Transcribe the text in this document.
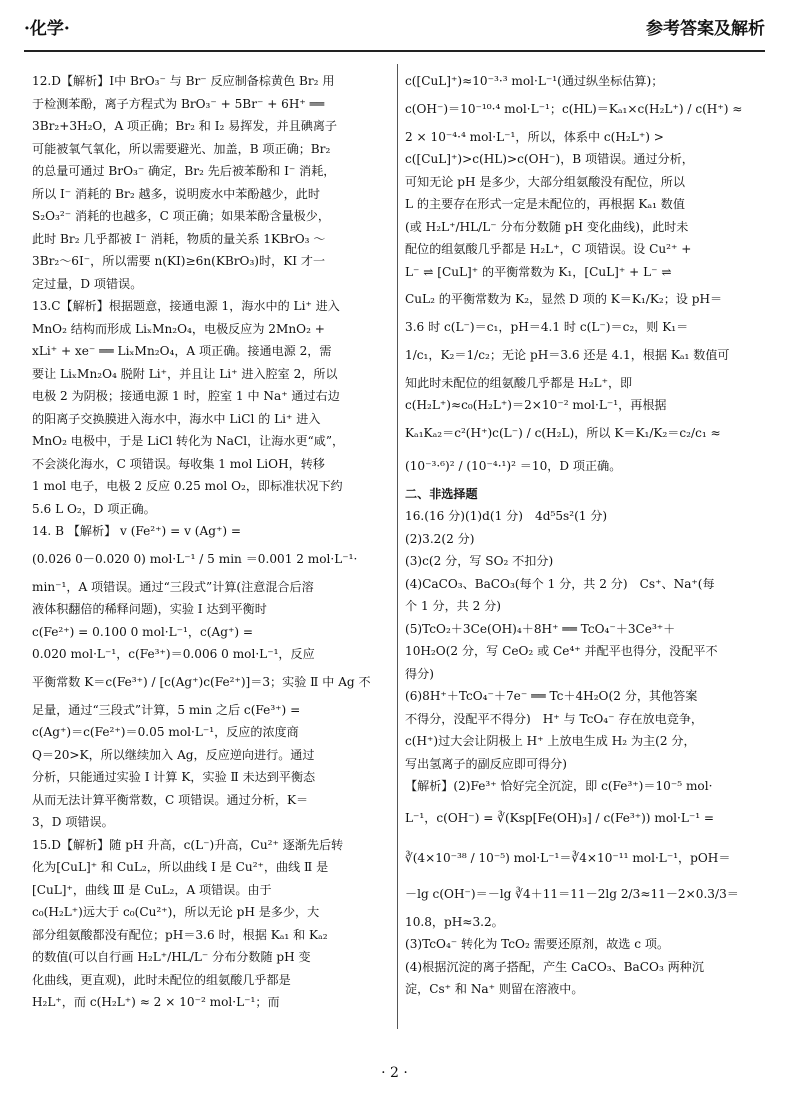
·化学·	参考答案及解析
12.D【解析】Ⅰ中 BrO₃⁻ 与 Br⁻ 反应制备棕黄色 Br₂ 用
于检测苯酚，离子方程式为 BrO₃⁻ + 5Br⁻ + 6H⁺ ══
3Br₂+3H₂O，A 项正确；Br₂ 和 I₂ 易挥发，并且碘离子
可能被氧气氧化，所以需要避光、加盖，B 项正确；Br₂
的总量可通过 BrO₃⁻ 确定，Br₂ 先后被苯酚和 I⁻ 消耗，
所以 I⁻ 消耗的 Br₂ 越多，说明废水中苯酚越少，此时
S₂O₃²⁻ 消耗的也越多，C 项正确；如果苯酚含量极少，
此时 Br₂ 几乎都被 I⁻ 消耗，物质的量关系 1KBrO₃ ～
3Br₂～6I⁻，所以需要 n(KI)≥6n(KBrO₃)时，KI 才一
定过量，D 项错误。
13.C【解析】根据题意，接通电源 1，海水中的 Li⁺ 进入
MnO₂ 结构而形成 LiₓMn₂O₄，电极反应为 2MnO₂ +
xLi⁺ + xe⁻ ══ LiₓMn₂O₄，A 项正确。接通电源 2，需
要让 LiₓMn₂O₄ 脱附 Li⁺，并且让 Li⁺ 进入腔室 2，所以
电极 2 为阴极；接通电源 1 时，腔室 1 中 Na⁺ 通过右边
的阳离子交换膜进入海水中，海水中 LiCl 的 Li⁺ 进入
MnO₂ 电极中，于是 LiCl 转化为 NaCl，让海水更“咸”，
不会淡化海水，C 项错误。每收集 1 mol LiOH，转移
1 mol 电子，电极 2 反应 0.25 mol O₂，即标准状况下约
5.6 L O₂，D 项正确。
14. B 【解析】 v (Fe²⁺) = v (Ag⁺) =
(0.026 0－0.020 0) mol·L⁻¹ / 5 min ＝0.001 2 mol·L⁻¹·
min⁻¹，A 项错误。通过“三段式”计算(注意混合后溶
液体积翻倍的稀释问题)，实验 Ⅰ 达到平衡时
c(Fe²⁺) = 0.100 0 mol·L⁻¹，c(Ag⁺) =
0.020 mol·L⁻¹，c(Fe³⁺)＝0.006 0 mol·L⁻¹，反应
平衡常数 K＝c(Fe³⁺) / [c(Ag⁺)c(Fe²⁺)]＝3；实验 Ⅱ 中 Ag 不
足量，通过“三段式”计算，5 min 之后 c(Fe³⁺) =
c(Ag⁺)＝c(Fe²⁺)＝0.05 mol·L⁻¹，反应的浓度商
Q＝20>K，所以继续加入 Ag，反应逆向进行。通过
分析，只能通过实验 Ⅰ 计算 K，实验 Ⅱ 未达到平衡态
从而无法计算平衡常数，C 项错误。通过分析，K＝
3，D 项错误。
15.D【解析】随 pH 升高，c(L⁻)升高，Cu²⁺ 逐渐先后转
化为[CuL]⁺ 和 CuL₂，所以曲线 Ⅰ 是 Cu²⁺，曲线 Ⅱ 是
[CuL]⁺，曲线 Ⅲ 是 CuL₂，A 项错误。由于
c₀(H₂L⁺)远大于 c₀(Cu²⁺)，所以无论 pH 是多少，大
部分组氨酸都没有配位；pH＝3.6 时，根据 Kₐ₁ 和 Kₐ₂
的数值(可以自行画 H₂L⁺/HL/L⁻ 分布分数随 pH 变
化曲线，更直观)，此时未配位的组氨酸几乎都是
H₂L⁺，而 c(H₂L⁺) ≈ 2 × 10⁻² mol·L⁻¹；而
c([CuL]⁺)≈10⁻³·³ mol·L⁻¹(通过纵坐标估算)；
c(OH⁻)＝10⁻¹⁰·⁴ mol·L⁻¹；c(HL)＝Kₐ₁×c(H₂L⁺) / c(H⁺) ≈
2 × 10⁻⁴·⁴ mol·L⁻¹，所以，体系中 c(H₂L⁺) >
c([CuL]⁺)>c(HL)>c(OH⁻)，B 项错误。通过分析，
可知无论 pH 是多少，大部分组氨酸没有配位，所以
L 的主要存在形式一定是未配位的，再根据 Kₐ₁ 数值
(或 H₂L⁺/HL/L⁻ 分布分数随 pH 变化曲线)，此时未
配位的组氨酸几乎都是 H₂L⁺，C 项错误。设 Cu²⁺ +
L⁻ ⇌ [CuL]⁺ 的平衡常数为 K₁，[CuL]⁺ + L⁻ ⇌
CuL₂ 的平衡常数为 K₂，显然 D 项的 K＝K₁/K₂；设 pH＝
3.6 时 c(L⁻)＝c₁，pH＝4.1 时 c(L⁻)＝c₂，则 K₁＝
1/c₁，K₂＝1/c₂；无论 pH＝3.6 还是 4.1，根据 Kₐ₁ 数值可
知此时未配位的组氨酸几乎都是 H₂L⁺，即
c(H₂L⁺)≈c₀(H₂L⁺)＝2×10⁻² mol·L⁻¹，再根据
Kₐ₁Kₐ₂＝c²(H⁺)c(L⁻) / c(H₂L)，所以 K＝K₁/K₂＝c₂/c₁ ≈
(10⁻³·⁶)² / (10⁻⁴·¹)² ＝10，D 项正确。
二、非选择题
16.(16 分)(1)d(1 分)　4d⁵5s²(1 分)
(2)3.2(2 分)
(3)c(2 分，写 SO₂ 不扣分)
(4)CaCO₃、BaCO₃(每个 1 分，共 2 分)　Cs⁺、Na⁺(每
个 1 分，共 2 分)
(5)TcO₂＋3Ce(OH)₄＋8H⁺ ══ TcO₄⁻＋3Ce³⁺＋
10H₂O(2 分，写 CeO₂ 或 Ce⁴⁺ 并配平也得分，没配平不
得分)
(6)8H⁺＋TcO₄⁻＋7e⁻ ══ Tc＋4H₂O(2 分，其他答案
不得分，没配平不得分)　H⁺ 与 TcO₄⁻ 存在放电竞争，
c(H⁺)过大会让阴极上 H⁺ 上放电生成 H₂ 为主(2 分，
写出氢离子的副反应即可得分)
【解析】(2)Fe³⁺ 恰好完全沉淀，即 c(Fe³⁺)＝10⁻⁵ mol·
L⁻¹，c(OH⁻) = ∛(Ksp[Fe(OH)₃] / c(Fe³⁺)) mol·L⁻¹ =
∛(4×10⁻³⁸ / 10⁻⁵) mol·L⁻¹＝∛4×10⁻¹¹ mol·L⁻¹，pOH＝
－lg c(OH⁻)＝－lg ∛4＋11＝11－2lg 2/3≈11－2×0.3/3＝
10.8，pH≈3.2。
(3)TcO₄⁻ 转化为 TcO₂ 需要还原剂，故选 c 项。
(4)根据沉淀的离子搭配，产生 CaCO₃、BaCO₃ 两种沉
淀，Cs⁺ 和 Na⁺ 则留在溶液中。
· 2 ·
